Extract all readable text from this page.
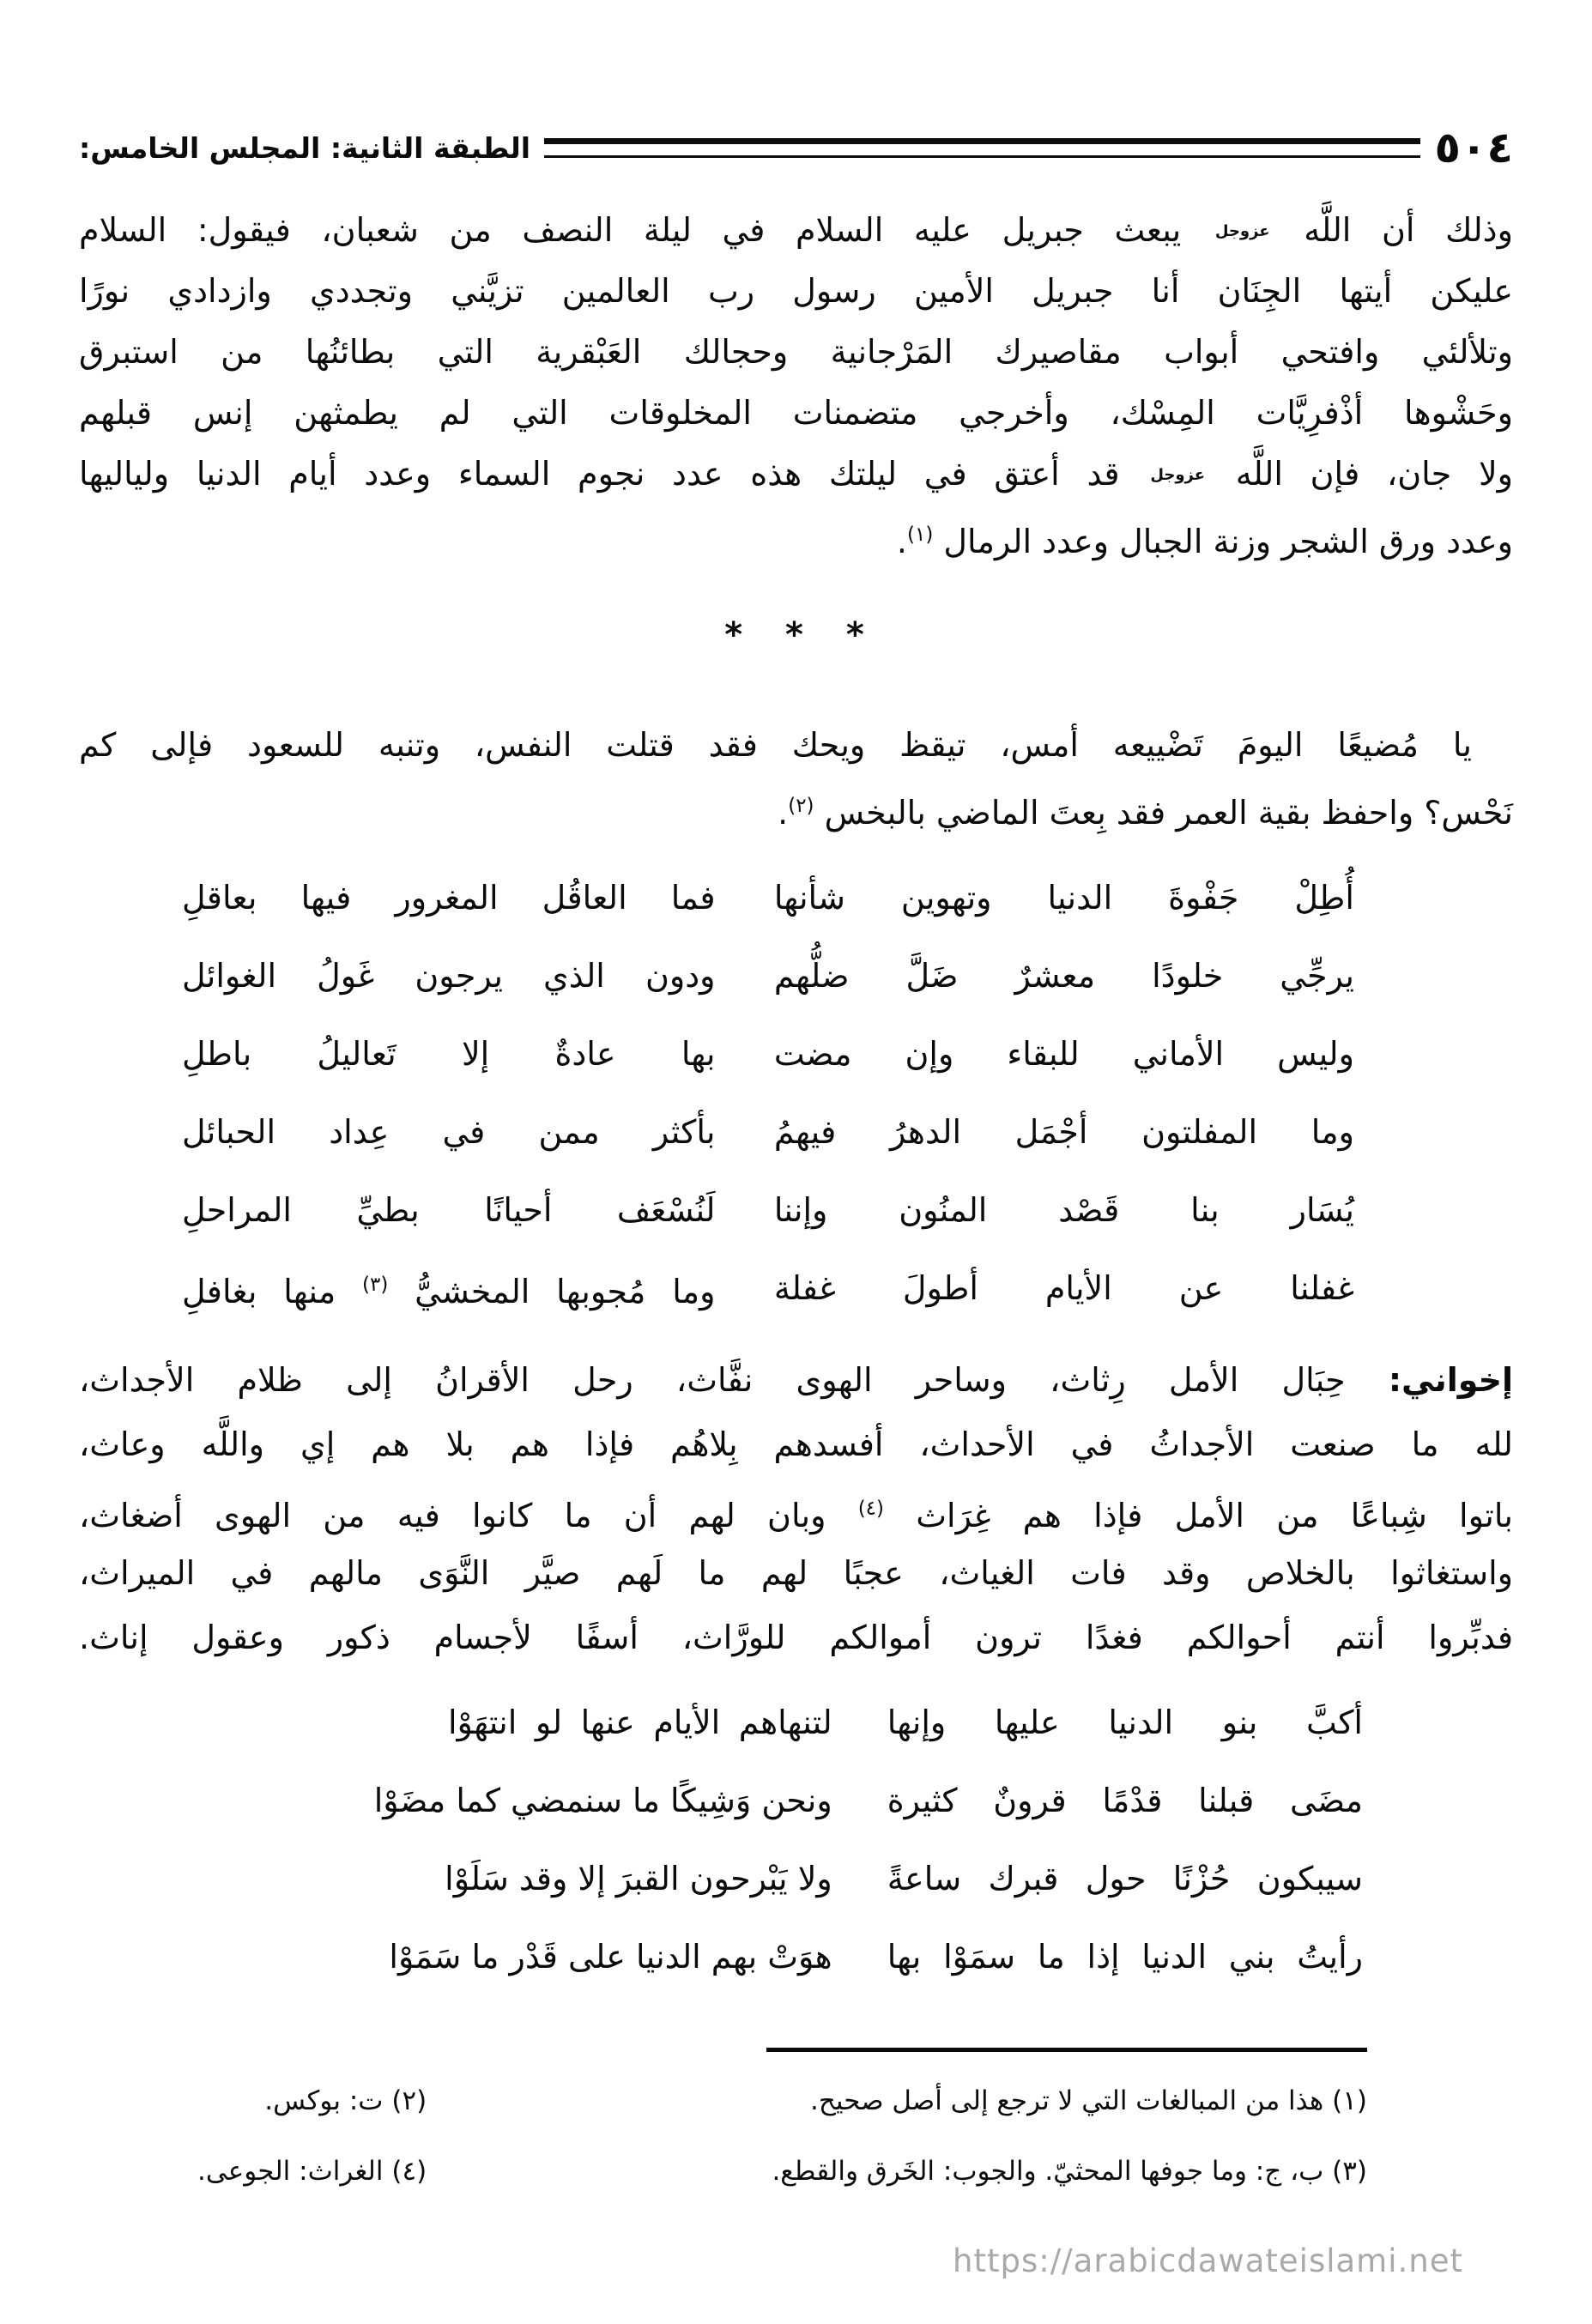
٥٠٤
الطبقة الثانية: المجلس الخامس:

وذلك أن اللَّه عزوجل يبعث جبريل عليه السلام في ليلة النصف من شعبان، فيقول: السلام

عليكن أيتها الجِنَان أنا جبريل الأمين رسول رب العالمين تزيَّني وتجددي وازدادي نورًا

وتلألئي وافتحي أبواب مقاصيرك المَرْجانية وحجالك العَبْقرية التي بطائنُها من استبرق

وحَشْوها أذْفرِيَّات المِسْك، وأخرجي متضمنات المخلوقات التي لم يطمثهن إنس قبلهم

ولا جان، فإن اللَّه عزوجل قد أعتق في ليلتك هذه عدد نجوم السماء وعدد أيام الدنيا ولياليها

وعدد ورق الشجر وزنة الجبال وعدد الرمال $^{(١)}$.

* * *

يا مُضيعًا اليومَ تَضْييعه أمس، تيقظ ويحك فقد قتلت النفس، وتنبه للسعود فإلى كم

نَحْس؟ واحفظ بقية العمر فقد بِعتَ الماضي بالبخس $^{(٢)}$.

أُطِلْ جَفْوةَ الدنيا وتهوين شأنها
فما العاقُل المغرور فيها بعاقلِ
يرجِّي خلودًا معشرٌ ضَلَّ ضلُّهم
ودون الذي يرجون غَولُ الغوائل
وليس الأماني للبقاء وإن مضت
بها عادةٌ إلا تَعاليلُ باطلِ
وما المفلتون أجْمَل الدهرُ فيهمُ
بأكثر ممن في عِداد الحبائل
يُسَار بنا قَصْد المنُون وإننا
لَنُسْعَف أحيانًا بطيِّ المراحلِ
غفلنا عن الأيام أطولَ غفلة
وما مُجوبها المخشيُّ $^{(٣)}$ منها بغافلِ

إخواني: حِبَال الأمل رِثاث، وساحر الهوى نفَّاث، رحل الأقرانُ إلى ظلام الأجداث،

لله ما صنعت الأجداثُ في الأحداث، أفسدهم بِلاهُم فإذا هم بلا هم إي واللَّه وعاث،

باتوا شِباعًا من الأمل فإذا هم غِرَاث $^{(٤)}$ وبان لهم أن ما كانوا فيه من الهوى أضغاث،

واستغاثوا بالخلاص وقد فات الغياث، عجبًا لهم ما لَهم صيَّر النَّوَى مالهم في الميراث،

فدبِّروا أنتم أحوالكم فغدًا ترون أموالكم للورَّاث، أسفًا لأجسام ذكور وعقول إناث.

أكبَّ بنو الدنيا عليها وإنها
لتنهاهم الأيام عنها لو انتهَوْا
مضَى قبلنا قدْمًا قرونٌ كثيرة
ونحن وَشِيكًا ما سنمضي كما مضَوْا
سيبكون حُزْنًا حول قبرك ساعةً
ولا يَبْرحون القبرَ إلا وقد سَلَوْا
رأيتُ بني الدنيا إذا ما سمَوْا بها
هوَتْ بهم الدنيا على قَدْر ما سَمَوْا

(١) هذا من المبالغات التي لا ترجع إلى أصل صحيح.

(٣) ب، ج: وما جوفها المحثيّ. والجوب: الخَرق والقطع.

(٢) ت: بوكس.

(٤) الغراث: الجوعى.

https://arabicdawateislami.net
